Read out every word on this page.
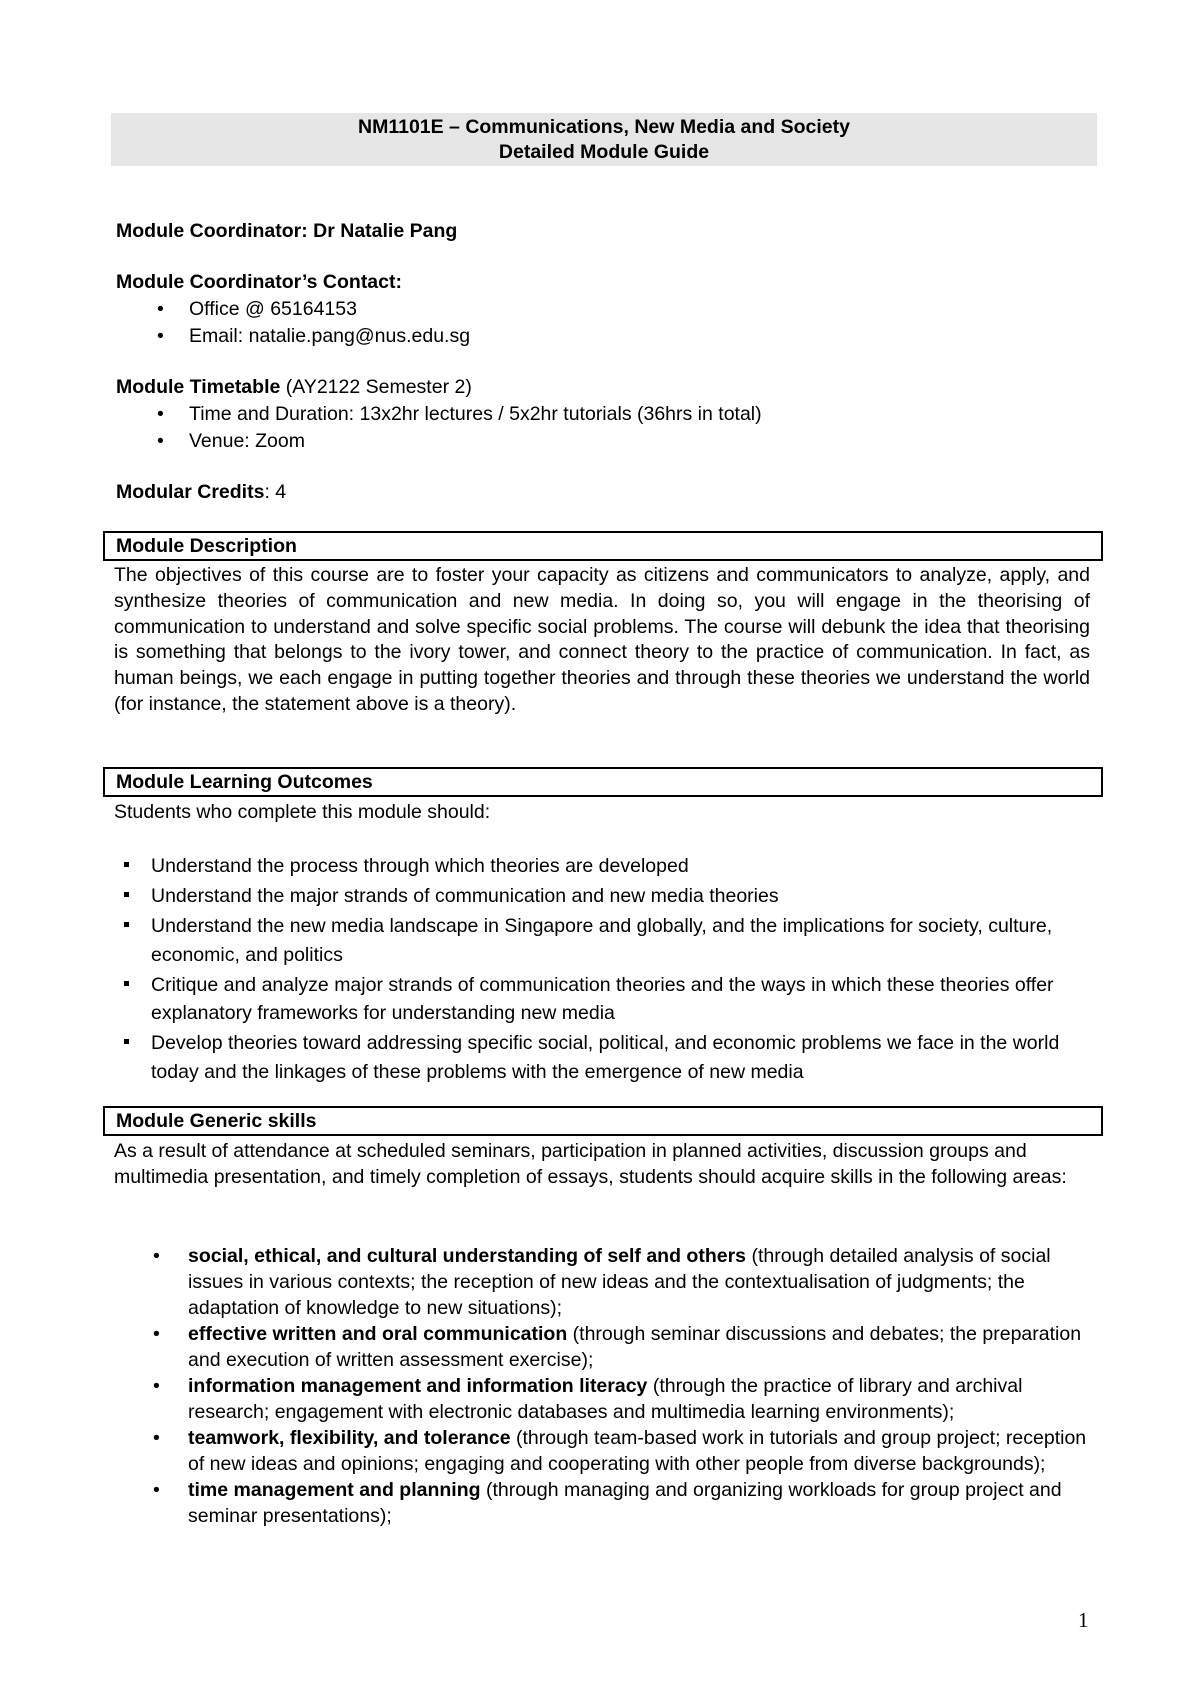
NM1101E – Communications, New Media and Society
Detailed Module Guide
Module Coordinator: Dr Natalie Pang
Module Coordinator’s Contact:
• Office @ 65164153
• Email: natalie.pang@nus.edu.sg
Module Timetable (AY2122 Semester 2)
• Time and Duration: 13x2hr lectures / 5x2hr tutorials (36hrs in total)
• Venue: Zoom
Modular Credits: 4
Module Description
The objectives of this course are to foster your capacity as citizens and communicators to analyze, apply, and synthesize theories of communication and new media. In doing so, you will engage in the theorising of communication to understand and solve specific social problems. The course will debunk the idea that theorising is something that belongs to the ivory tower, and connect theory to the practice of communication. In fact, as human beings, we each engage in putting together theories and through these theories we understand the world (for instance, the statement above is a theory).
Module Learning Outcomes
Students who complete this module should:
Understand the process through which theories are developed
Understand the major strands of communication and new media theories
Understand the new media landscape in Singapore and globally, and the implications for society, culture, economic, and politics
Critique and analyze major strands of communication theories and the ways in which these theories offer explanatory frameworks for understanding new media
Develop theories toward addressing specific social, political, and economic problems we face in the world today and the linkages of these problems with the emergence of new media
Module Generic skills
As a result of attendance at scheduled seminars, participation in planned activities, discussion groups and multimedia presentation, and timely completion of essays, students should acquire skills in the following areas:
• social, ethical, and cultural understanding of self and others (through detailed analysis of social issues in various contexts; the reception of new ideas and the contextualisation of judgments; the adaptation of knowledge to new situations);
• effective written and oral communication (through seminar discussions and debates; the preparation and execution of written assessment exercise);
• information management and information literacy (through the practice of library and archival research; engagement with electronic databases and multimedia learning environments);
• teamwork, flexibility, and tolerance (through team-based work in tutorials and group project; reception of new ideas and opinions; engaging and cooperating with other people from diverse backgrounds);
• time management and planning (through managing and organizing workloads for group project and seminar presentations);
1
